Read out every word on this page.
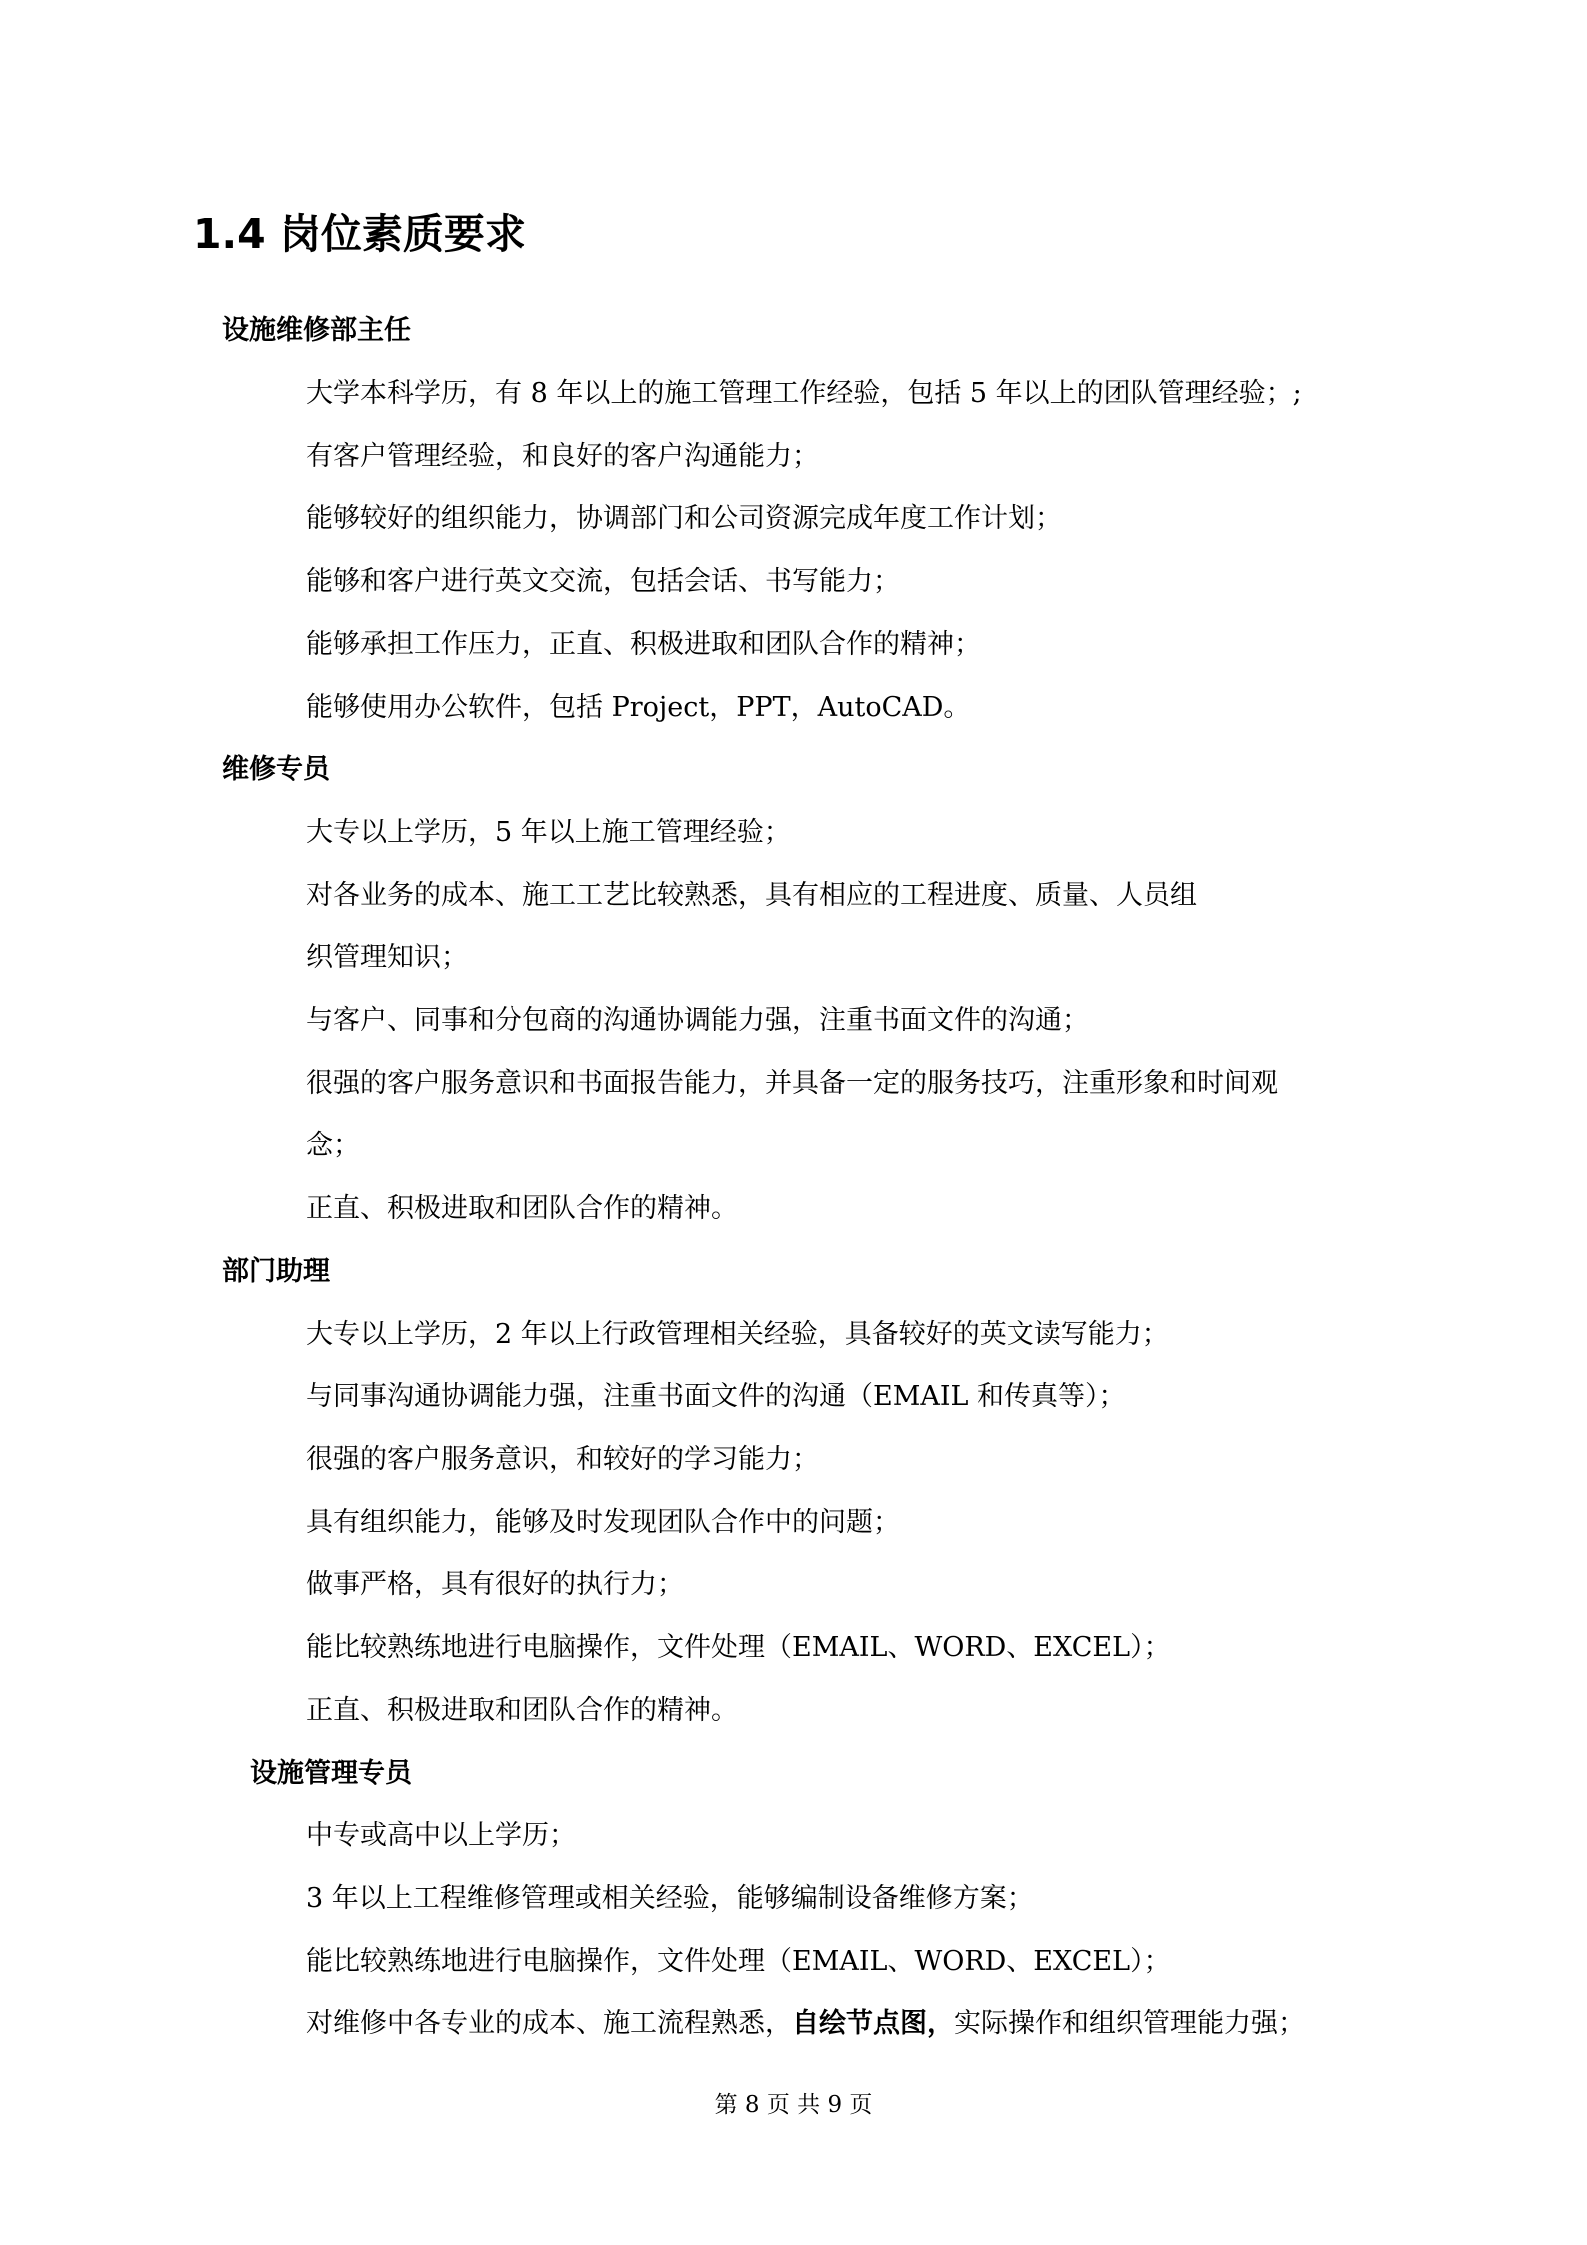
1.4 岗位素质要求

设施维修部主任

大学本科学历，有 8 年以上的施工管理工作经验，包括 5 年以上的团队管理经验；;

有客户管理经验，和良好的客户沟通能力；

能够较好的组织能力，协调部门和公司资源完成年度工作计划；

能够和客户进行英文交流，包括会话、书写能力；

能够承担工作压力，正直、积极进取和团队合作的精神；

能够使用办公软件，包括 Project，PPT，AutoCAD。

维修专员

大专以上学历，5 年以上施工管理经验；

对各业务的成本、施工工艺比较熟悉，具有相应的工程进度、质量、人员组

织管理知识；

与客户、同事和分包商的沟通协调能力强，注重书面文件的沟通；

很强的客户服务意识和书面报告能力，并具备一定的服务技巧，注重形象和时间观

念；

正直、积极进取和团队合作的精神。

部门助理

大专以上学历，2 年以上行政管理相关经验，具备较好的英文读写能力；

与同事沟通协调能力强，注重书面文件的沟通（EMAIL 和传真等）；

很强的客户服务意识，和较好的学习能力；

具有组织能力，能够及时发现团队合作中的问题；

做事严格，具有很好的执行力；

能比较熟练地进行电脑操作，文件处理（EMAIL、WORD、EXCEL）；

正直、积极进取和团队合作的精神。

设施管理专员

中专或高中以上学历；

3 年以上工程维修管理或相关经验，能够编制设备维修方案；

能比较熟练地进行电脑操作，文件处理（EMAIL、WORD、EXCEL）；

对维修中各专业的成本、施工流程熟悉，自绘节点图，实际操作和组织管理能力强；

第 8 页 共 9 页
